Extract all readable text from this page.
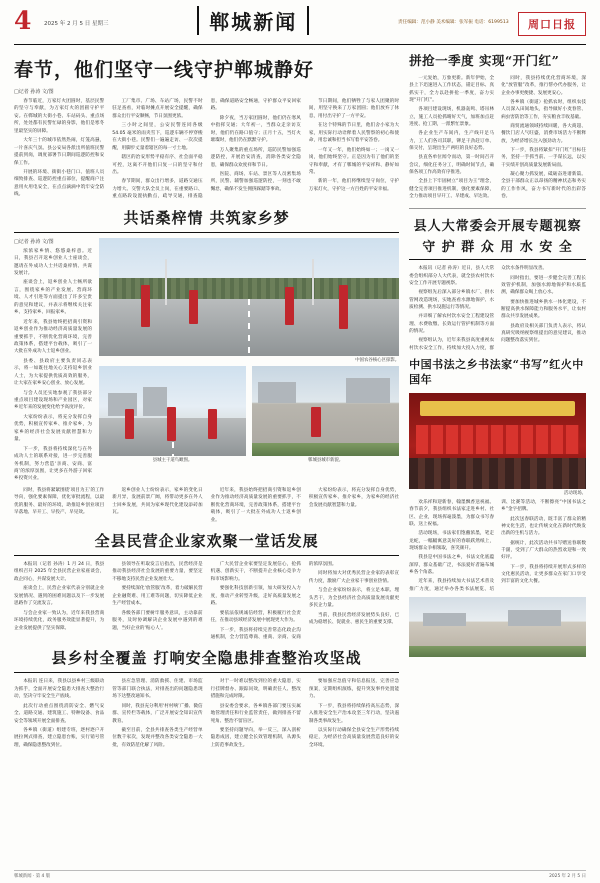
4	2025 年 2 月 5 日 星期三	郸城新闻	责任编辑：范小静 美术编辑：张军振 电话：6199513	周口日报
春节，他们坚守一线守护郸城静好
□记者 孙涛 文/图

春节临近，万家灯火团圆时，基层民警的坚守与奉献，为万家灯火的团圆守护平安。在郸城的大街小巷、车站码头、重点场所，处处都有民警忙碌的身影，他们是寒冬里最坚实的屏障。

大年三十的城市依然热闹，灯笼高悬，一片喜庆气氛。县公安局各派出所值班民警提前到岗，调度部署节日期间巡逻防控和安保工作。

开展的环境、街街小巷门口、值班人员细致排查、巡逻防控重点部位，提醒商户注意用火用电安全，在点点滴滴中筑牢安全防线。

工厂集市、广场、车站广场，民警不时驻足查看，对临时摊点开展安全提醒，确保群众出行平安顺畅，节日氛围更浓。

三小时之间里，公安民警连同各级 54.05 毫米的雨夹雪下，巡逻车辆不停穿梭在大街小巷。民警们一遍遍走访、一次次提醒，用脚步丈量着辖区的每一寸土地。

辖区的治安形势平稳有序、社会面平稳可控，这离不开他们日复一日的坚守和付出。

春节期间，群众出行增多，道路交通压力增大。交警大队全员上岗，在重要路口、重点路段设置执勤点，疏导交通，排查隐患，确保道路安全畅通，守护群众平安回家路。

除夕夜，当万家团圆时，他们仍在寒风中指挥交通；大年初一，当群众走亲访友时，他们仍在路口值守；正月十五，当灯火璀璨时，他们仍在默默守护。

万人聚集的重点场所，巡防民警加强巡逻防控，开展治安清查，消除各类安全隐患，确保群众欢度祥和节日。

医院、商场、车站、景区等人员密集场所，民警、辅警加强巡逻防控，一刻也不敢懈怠，确保不发生拥挤踩踏等事故。

节日期间，他们牺牲了与家人团聚的时间，用坚守换来了万家团圆；他们放弃了休息，用付出守护了一方平安。

在这个特殊的节日里，他们舍小家为大家，用实际行动诠释着人民警察的初心和使命，用忠诚和担当书写着平安答卷。

一年又一年，他们始终如一；一岗又一岗，他们始终坚守。正是因为有了他们的坚守和奉献，才有了郸城的平安祥和、静好如常。

新的一年，他们将继续坚守岗位，守护万家灯火，守护这一方百姓的平安幸福。

共话桑梓情 共筑家乡梦
□记者 孙涛 文/图

浓浓家乡情、悠悠桑梓意。近日，我县召开返乡创业人士座谈会，邀请在外成功人士共话桑梓情、共谋发展计。

座谈会上，返乡创业人士畅所欲言，围绕家乡的产业发展、营商环境、人才引进等方面提出了许多宝贵的意见和建议，并表示将继续关注家乡、支持家乡、回报家乡。

近年来，我县始终把招商引资和返乡创业作为推动经济高质量发展的重要抓手，不断优化营商环境，完善政策体系，搭建平台载体，吸引了一大批在外成功人士返乡创业。

县委、县政府主要负责同志表示，将一如既往地关心支持返乡创业人士，为大家提供优质高效的服务，让大家在家乡安心创业、放心发展。

与会人员还实地参观了我县部分重点项目建设现场和产业园区，对家乡近年来的发展变化给予高度评价。

大家纷纷表示，将充分发挥自身优势，积极宣传家乡、推介家乡，为家乡的经济社会发展贡献智慧和力量。

下一步，我县将持续深化与在外成功人士的联系对接，进一步完善服务机制，努力营造‘亲商、安商、富商’的浓厚氛围，让更多在外游子回家乡投资兴业。

中国农谷核心区掠影。
县城主干道鸟瞰图。	郸城县城市新貌。

同时，我县将紧紧围绕‘项目为王’的工作导向，强化要素保障，优化审批流程，以最优的服务、最好的环境，助推返乡创业项目早落地、早开工、早投产、早见效。

返乡创业人士纷纷表示，家乡的变化日新月异，发展前景广阔，将带动更多在外人士回乡发展，共同为家乡现代化建设添砖加瓦。

近年来，我县始终把招商引资和返乡创业作为推动经济高质量发展的重要抓手，不断优化营商环境，完善政策体系，搭建平台载体，吸引了一大批在外成功人士返乡创业。

大家纷纷表示，将充分发挥自身优势，积极宣传家乡、推介家乡，为家乡的经济社会发展贡献智慧和力量。

全县民营企业家欢聚一堂话发展

本报讯（记者 孙涛）1 月 24 日，我县组织召开 2025 年全县民营企业家座谈会，政企同心，共谋发展大计。

座谈会上，民营企业家代表分别就企业发展情况、遇到的困难问题以及下一步发展思路作了交流发言。

与会企业家一致认为，近年来我县营商环境持续优化，政务服务效能显著提升，为企业发展提供了坚实保障。

县领导在听取发言后指出，民营经济是推动我县经济社会发展的重要力量，要坚定不移地支持民营企业发展壮大。

要持续深化‘放管服’改革，着力破解民营企业融资难、用工难等问题，切实降低企业生产经营成本。

各级各部门要树牢服务意识，主动靠前服务，及时协调解决企业发展中遇到的难题，当好企业的‘贴心人’。

广大民营企业家要坚定发展信心，抢抓机遇、创新实干，不断提升企业核心竞争力和市场影响力。

要强化科技创新引领，加大研发投入力度，推动产业转型升级，走好高质量发展之路。

要依法依规诚信经营，积极履行社会责任，在推动县域经济发展中展现更大作为。

下一步，我县将持续完善常态化政企沟通机制，全力营造尊商、重商、亲商、安商的浓厚氛围。

同时将加大对优秀民营企业家的表彰宣传力度，激励广大企业家干事创业热情。

与会企业家纷纷表示，将立足本职、埋头苦干，为全县经济社会高质量发展贡献更多民企力量。

当前，我县民营经济发展势头良好，已成为稳增长、促就业、惠民生的重要支撑。

县乡村全覆盖 打响安全隐患排查整治攻坚战

本报讯 连日来，我县以县乡村三级联动为抓手，全面开展安全隐患大排查大整治行动，坚决守牢安全生产底线。

此次行动重点围绕消防安全、燃气安全、道路交通、建筑施工、特种设备、食品安全等领域开展全面排查。

各乡镇（街道）组建专班，逐村逐户开展拉网式排查，建立隐患台账，实行销号管理，确保隐患整改到位。

县应急管理、消防救援、住建、市场监管等部门联合执法，对排查出的问题隐患现场下达整改通知书。

同时，我县充分利用‘村村响’广播、微信群、宣传栏等载体，广泛开展安全知识宣传教育。

截至目前，全县共排查各类生产经营单位数千家次，发现并整改各类安全隐患一大批，有效防范化解了风险。

对于一时难以整改到位的重大隐患，实行挂牌督办、跟踪问效，明确责任人、整改措施和完成时限。

县安委会要求，各乡镇各部门要压实属地管理责任和行业监管责任，做到排查不留死角、整治不留盲区。

要坚持问题导向，举一反三，深入剖析隐患成因，建立健全长效管理机制，从源头上防范事故发生。

要加强应急值守和信息报送，完善应急预案，定期组织演练，提升突发事件处置能力。

下一步，我县将持续保持高压态势，深入推进安全生产治本攻坚三年行动，坚决遏制各类事故发生。

以实际行动确保全县安全生产形势持续稳定，为经济社会高质量发展营造良好的安全环境。

拼抢一季度 实现“开门红”

一元复始，万象更新。新年伊始，全县上下迅速进入工作状态，锚定目标、真抓实干，全力以赴拼抢一季度，奋力实现“开门红”。

各项目建设现场，机器轰鸣、塔吊林立，施工人员抢抓晴好天气，加班加点赶进度、抢工期，一派繁忙景象。

各企业生产车间内，生产线开足马力，工人们各司其职，铆足干劲赶订单、保交付，呈现出生产两旺的良好态势。

县直各单位闻令而动，第一时间召开会议，细化任务分工，明确时间节点，确保各项工作高效有序推进。

全县上下牢固树立“项目为王”理念，健全完善项目推进机制，强化要素保障，全力推动项目早开工、早建成、早达效。

同时，我县持续优化营商环境，深化“放管服”改革，推行帮办代办服务，让企业办事更便捷、发展更安心。

各乡镇（街道）抢抓农时，组织农技人员深入田间地头，指导做好小麦春管、病虫害防治等工作，夯实粮食丰收基础。

商贸流通领域持续回暖，各大商超、餐饮门店人气旺盛，消费市场活力不断释放，为经济增长注入强劲动力。

下一步，我县将紧扣“开门红”目标任务，坚持一手抓当前、一手谋长远，以实干实绩开创高质量发展新局面。

凝心聚力抓发展，砥砺奋进谱新篇。全县干部群众正以昂扬的精神状态和务实的工作作风，奋力书写新时代的出彩答卷。

县人大常委会开展专题视察
守 护 群 众 用 水 安 全

本报讯（记者 孙涛）近日，县人大常委会组织部分人大代表，就全县农村饮水安全工作开展专题视察。

视察组先后深入部分乡镇水厂、供水管网改造现场，实地查看水源地保护、水质检测、供水设施运行等情况。

并详细了解农村饮水安全工程建设管理、水费收缴、长效运行管护机制等方面的情况。

视察组认为，近年来我县高度重视农村饮水安全工作，持续加大投入力度，群众饮水条件明显改善。

同时指出，要进一步健全完善工程长效管护机制，加强水源地保护和水质监测，确保群众喝上放心水。

要加快推进城乡供水一体化建设，不断提高供水保障能力和服务水平，让农村群众共享发展成果。

县政府及相关部门负责人表示，将认真研究吸纳视察组提出的意见建议，推动问题整改落实到位。

中国书法之乡书法家“书写”红火中国年
活动现场。

欢乐祥和迎新春，翰墨飘香送祝福。春节前夕，我县组织书法家走进乡村、社区、企业，现场挥毫泼墨，为群众书写春联、送上祝福。

活动现场，书法家们饱蘸浓墨，笔走龙蛇，一幅幅寓意美好的春联跃然纸上，现场群众争相领取，喜笑颜开。

我县是中国书法之乡，书法文化底蕴深厚，群众基础广泛，书法爱好者遍布城乡各个角落。

近年来，我县持续加大书法艺术普及推广力度，通过举办各类书法展览、培训、比赛等活动，不断擦亮“中国书法之乡”金字招牌。

此次送春联活动，既丰富了群众的精神文化生活，也让传统文化在新时代焕发出新的生机与活力。

据统计，此次活动共书写赠送春联数千副，受到了广大群众的热烈欢迎和一致好评。

下一步，我县将持续开展形式多样的文化惠民活动，让更多群众在家门口享受到丰富的文化大餐。

郸城新闻 · 第 4 版	2025 年 2 月 5 日
